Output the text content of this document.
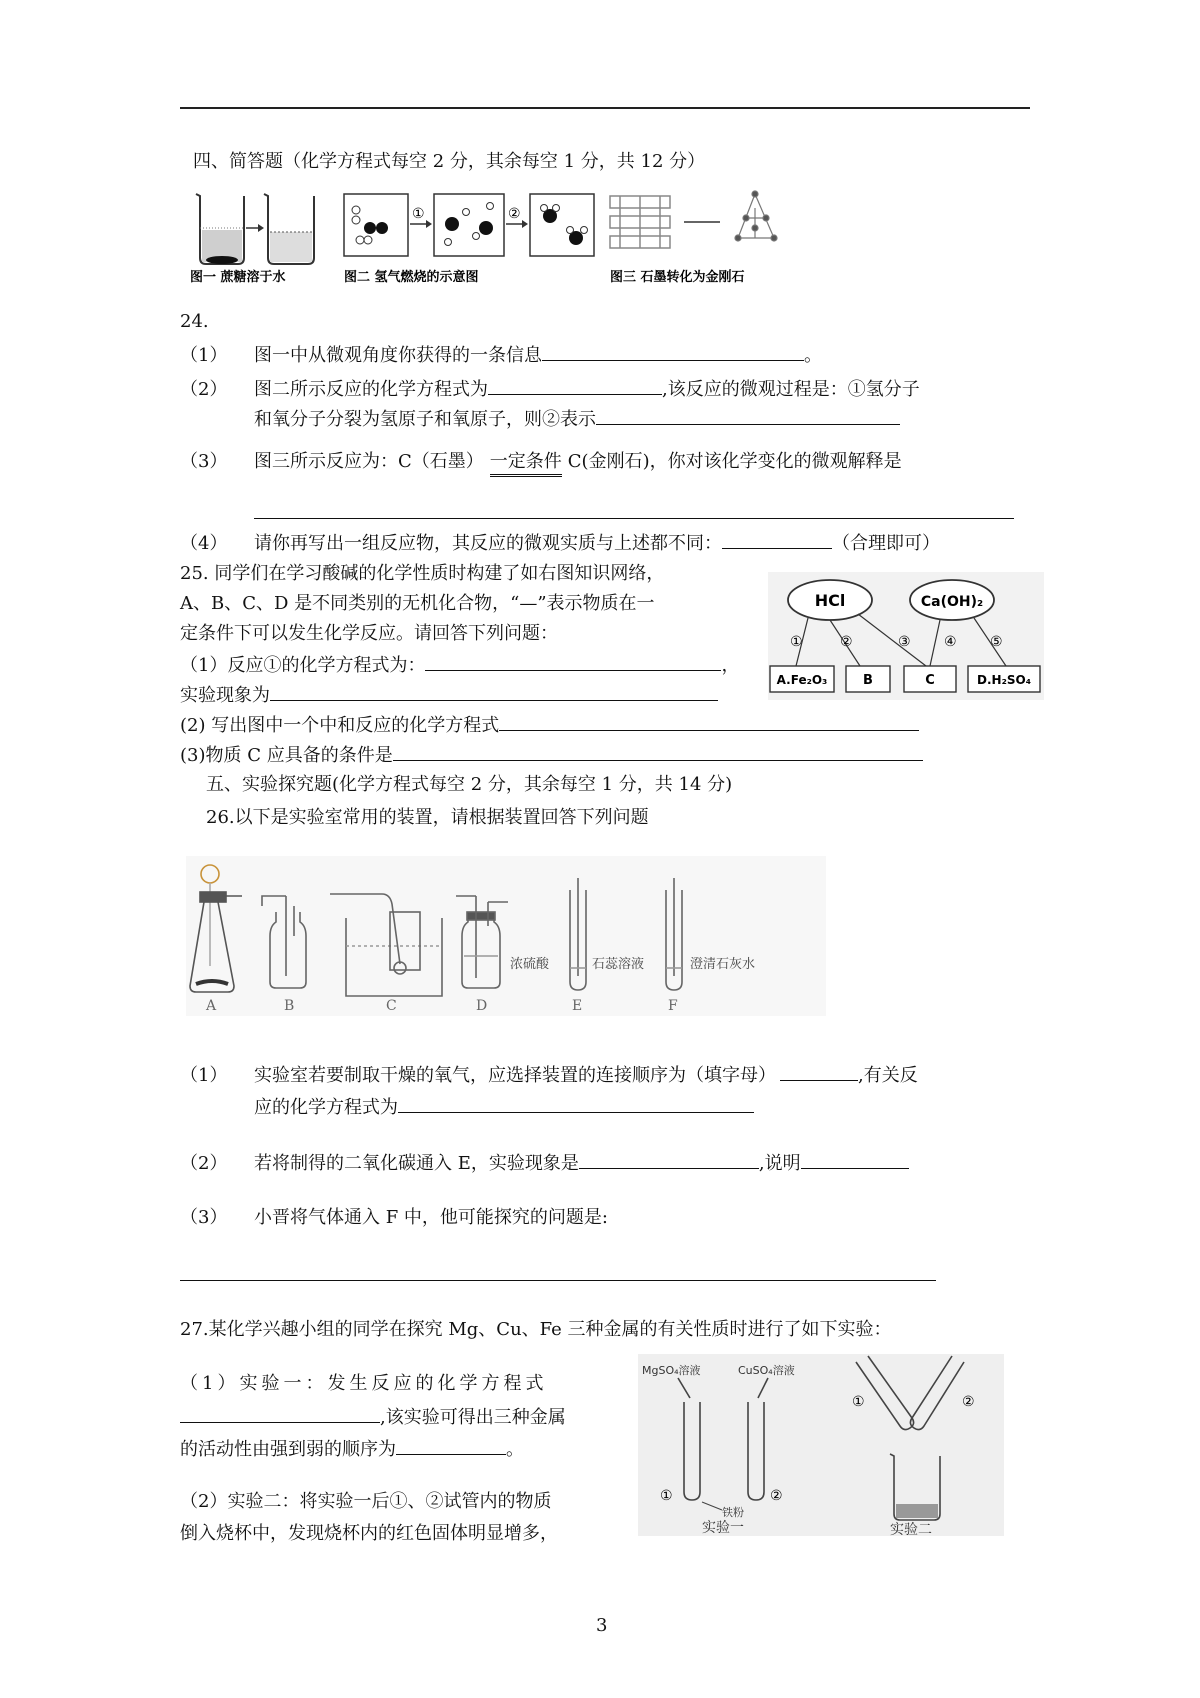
四、简答题（化学方程式每空 2 分，其余每空 1 分，共 12 分）
图一 蔗糖溶于水
①	②
图二 氢气燃烧的示意图	图三 石墨转化为金刚石
24.
（1） 图一中从微观角度你获得的一条信息	。
（2） 图二所示反应的化学方程式为	,该反应的微观过程是：①氢分子
和氧分子分裂为氢原子和氧原子，则②表示
（3） 图三所示反应为：C（石墨） 一定条件 C(金刚石)，你对该化学变化的微观解释是
（4） 请你再写出一组反应物，其反应的微观实质与上述都不同：	（合理即可）
25. 同学们在学习酸碱的化学性质时构建了如右图知识网络，
A、B、C、D 是不同类别的无机化合物，“—”表示物质在一
定条件下可以发生化学反应。请回答下列问题：
（1）反应①的化学方程式为：	，
实验现象为
(2) 写出图中一个中和反应的化学方程式
(3)物质 C 应具备的条件是
HCl	Ca(OH)₂
①	②	③ ④ ⑤
A.Fe₂O₃	B	C	D.H₂SO₄
五、实验探究题(化学方程式每空 2 分，其余每空 1 分，共 14 分)
26.以下是实验室常用的装置，请根据装置回答下列问题
A	B	C	D
浓硫酸
E
石蕊溶液
F
澄清石灰水
（1） 实验室若要制取干燥的氧气，应选择装置的连接顺序为（填字母）	,有关反
应的化学方程式为
（2） 若将制得的二氧化碳通入 E，实验现象是	,说明
（3） 小晋将气体通入 F 中，他可能探究的问题是:
27.某化学兴趣小组的同学在探究 Mg、Cu、Fe 三种金属的有关性质时进行了如下实验：
（1）实验一：发生反应的化学方程式
,该实验可得出三种金属
的活动性由强到弱的顺序为	。
（2）实验二：将实验一后①、②试管内的物质
倒入烧杯中，发现烧杯内的红色固体明显增多，
MgSO₄溶液	CuSO₄溶液
①	②
铁粉
实验一
①	②
实验二
3
